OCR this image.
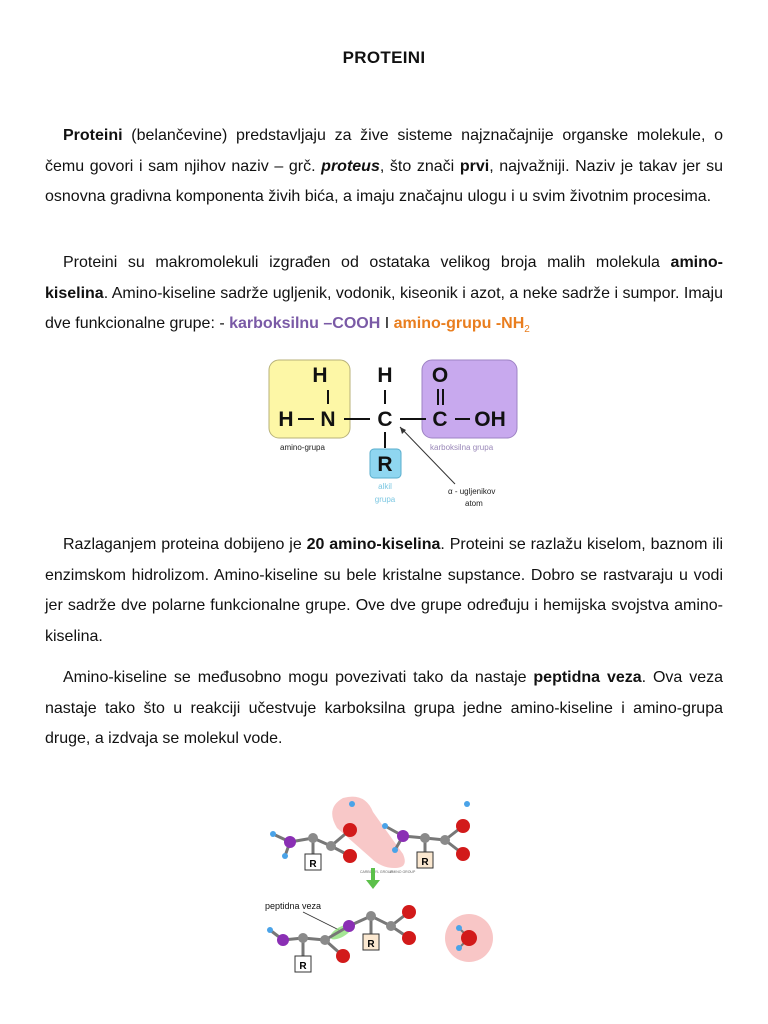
PROTEINI
Proteini (belančevine) predstavljaju za žive sisteme najznačajnije organske molekule, o čemu govori i sam njihov naziv – grč. proteus, što znači prvi, najvažniji. Naziv je takav jer su osnovna gradivna komponenta živih bića, a imaju značajnu ulogu i u svim životnim procesima.
Proteini su makromolekuli izgrađen od ostataka velikog broja malih molekula amino-kiselina. Amino-kiseline sadrže ugljenik, vodonik, kiseonik i azot, a neke sadrže i sumpor. Imaju dve funkcionalne grupe: - karboksilnu –COOH I amino-grupu $-NH_2$
H H O
H N C C OH
R
amino-grupa	karboksilna grupa
alkil
grupa
α - ugljenikov
atom
Razlaganjem proteina dobijeno je 20 amino-kiselina. Proteini se razlažu kiselom, baznom ili enzimskom hidrolizom. Amino-kiseline su bele kristalne supstance. Dobro se rastvaraju u vodi jer sadrže dve polarne funkcionalne grupe. Ove dve grupe određuju i hemijska svojstva amino-kiselina.
Amino-kiseline se međusobno mogu povezivati tako da nastaje peptidna veza. Ova veza nastaje tako što u reakciji učestvuje karboksilna grupa jedne amino-kiseline i amino-grupa druge, a izdvaja se molekul vode.
R	R
CARBOXYL GROUP
AMINO GROUP
peptidna veza
R
R
